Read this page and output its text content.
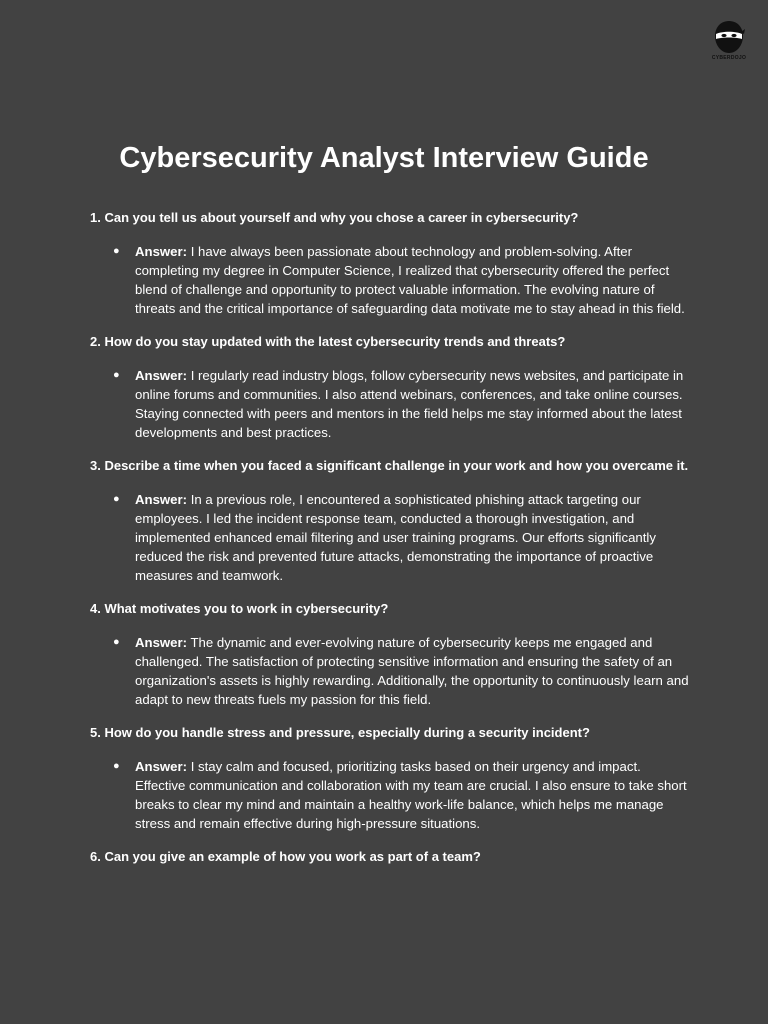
CYBERDOJO
Cybersecurity Analyst Interview Guide

1. Can you tell us about yourself and why you chose a career in cybersecurity?

● Answer: I have always been passionate about technology and problem-solving. After completing my degree in Computer Science, I realized that cybersecurity offered the perfect blend of challenge and opportunity to protect valuable information. The evolving nature of threats and the critical importance of safeguarding data motivate me to stay ahead in this field.

2. How do you stay updated with the latest cybersecurity trends and threats?

● Answer: I regularly read industry blogs, follow cybersecurity news websites, and participate in online forums and communities. I also attend webinars, conferences, and take online courses. Staying connected with peers and mentors in the field helps me stay informed about the latest developments and best practices.

3. Describe a time when you faced a significant challenge in your work and how you overcame it.

● Answer: In a previous role, I encountered a sophisticated phishing attack targeting our employees. I led the incident response team, conducted a thorough investigation, and implemented enhanced email filtering and user training programs. Our efforts significantly reduced the risk and prevented future attacks, demonstrating the importance of proactive measures and teamwork.

4. What motivates you to work in cybersecurity?

● Answer: The dynamic and ever-evolving nature of cybersecurity keeps me engaged and challenged. The satisfaction of protecting sensitive information and ensuring the safety of an organization's assets is highly rewarding. Additionally, the opportunity to continuously learn and adapt to new threats fuels my passion for this field.

5. How do you handle stress and pressure, especially during a security incident?

● Answer: I stay calm and focused, prioritizing tasks based on their urgency and impact. Effective communication and collaboration with my team are crucial. I also ensure to take short breaks to clear my mind and maintain a healthy work-life balance, which helps me manage stress and remain effective during high-pressure situations.

6. Can you give an example of how you work as part of a team?
